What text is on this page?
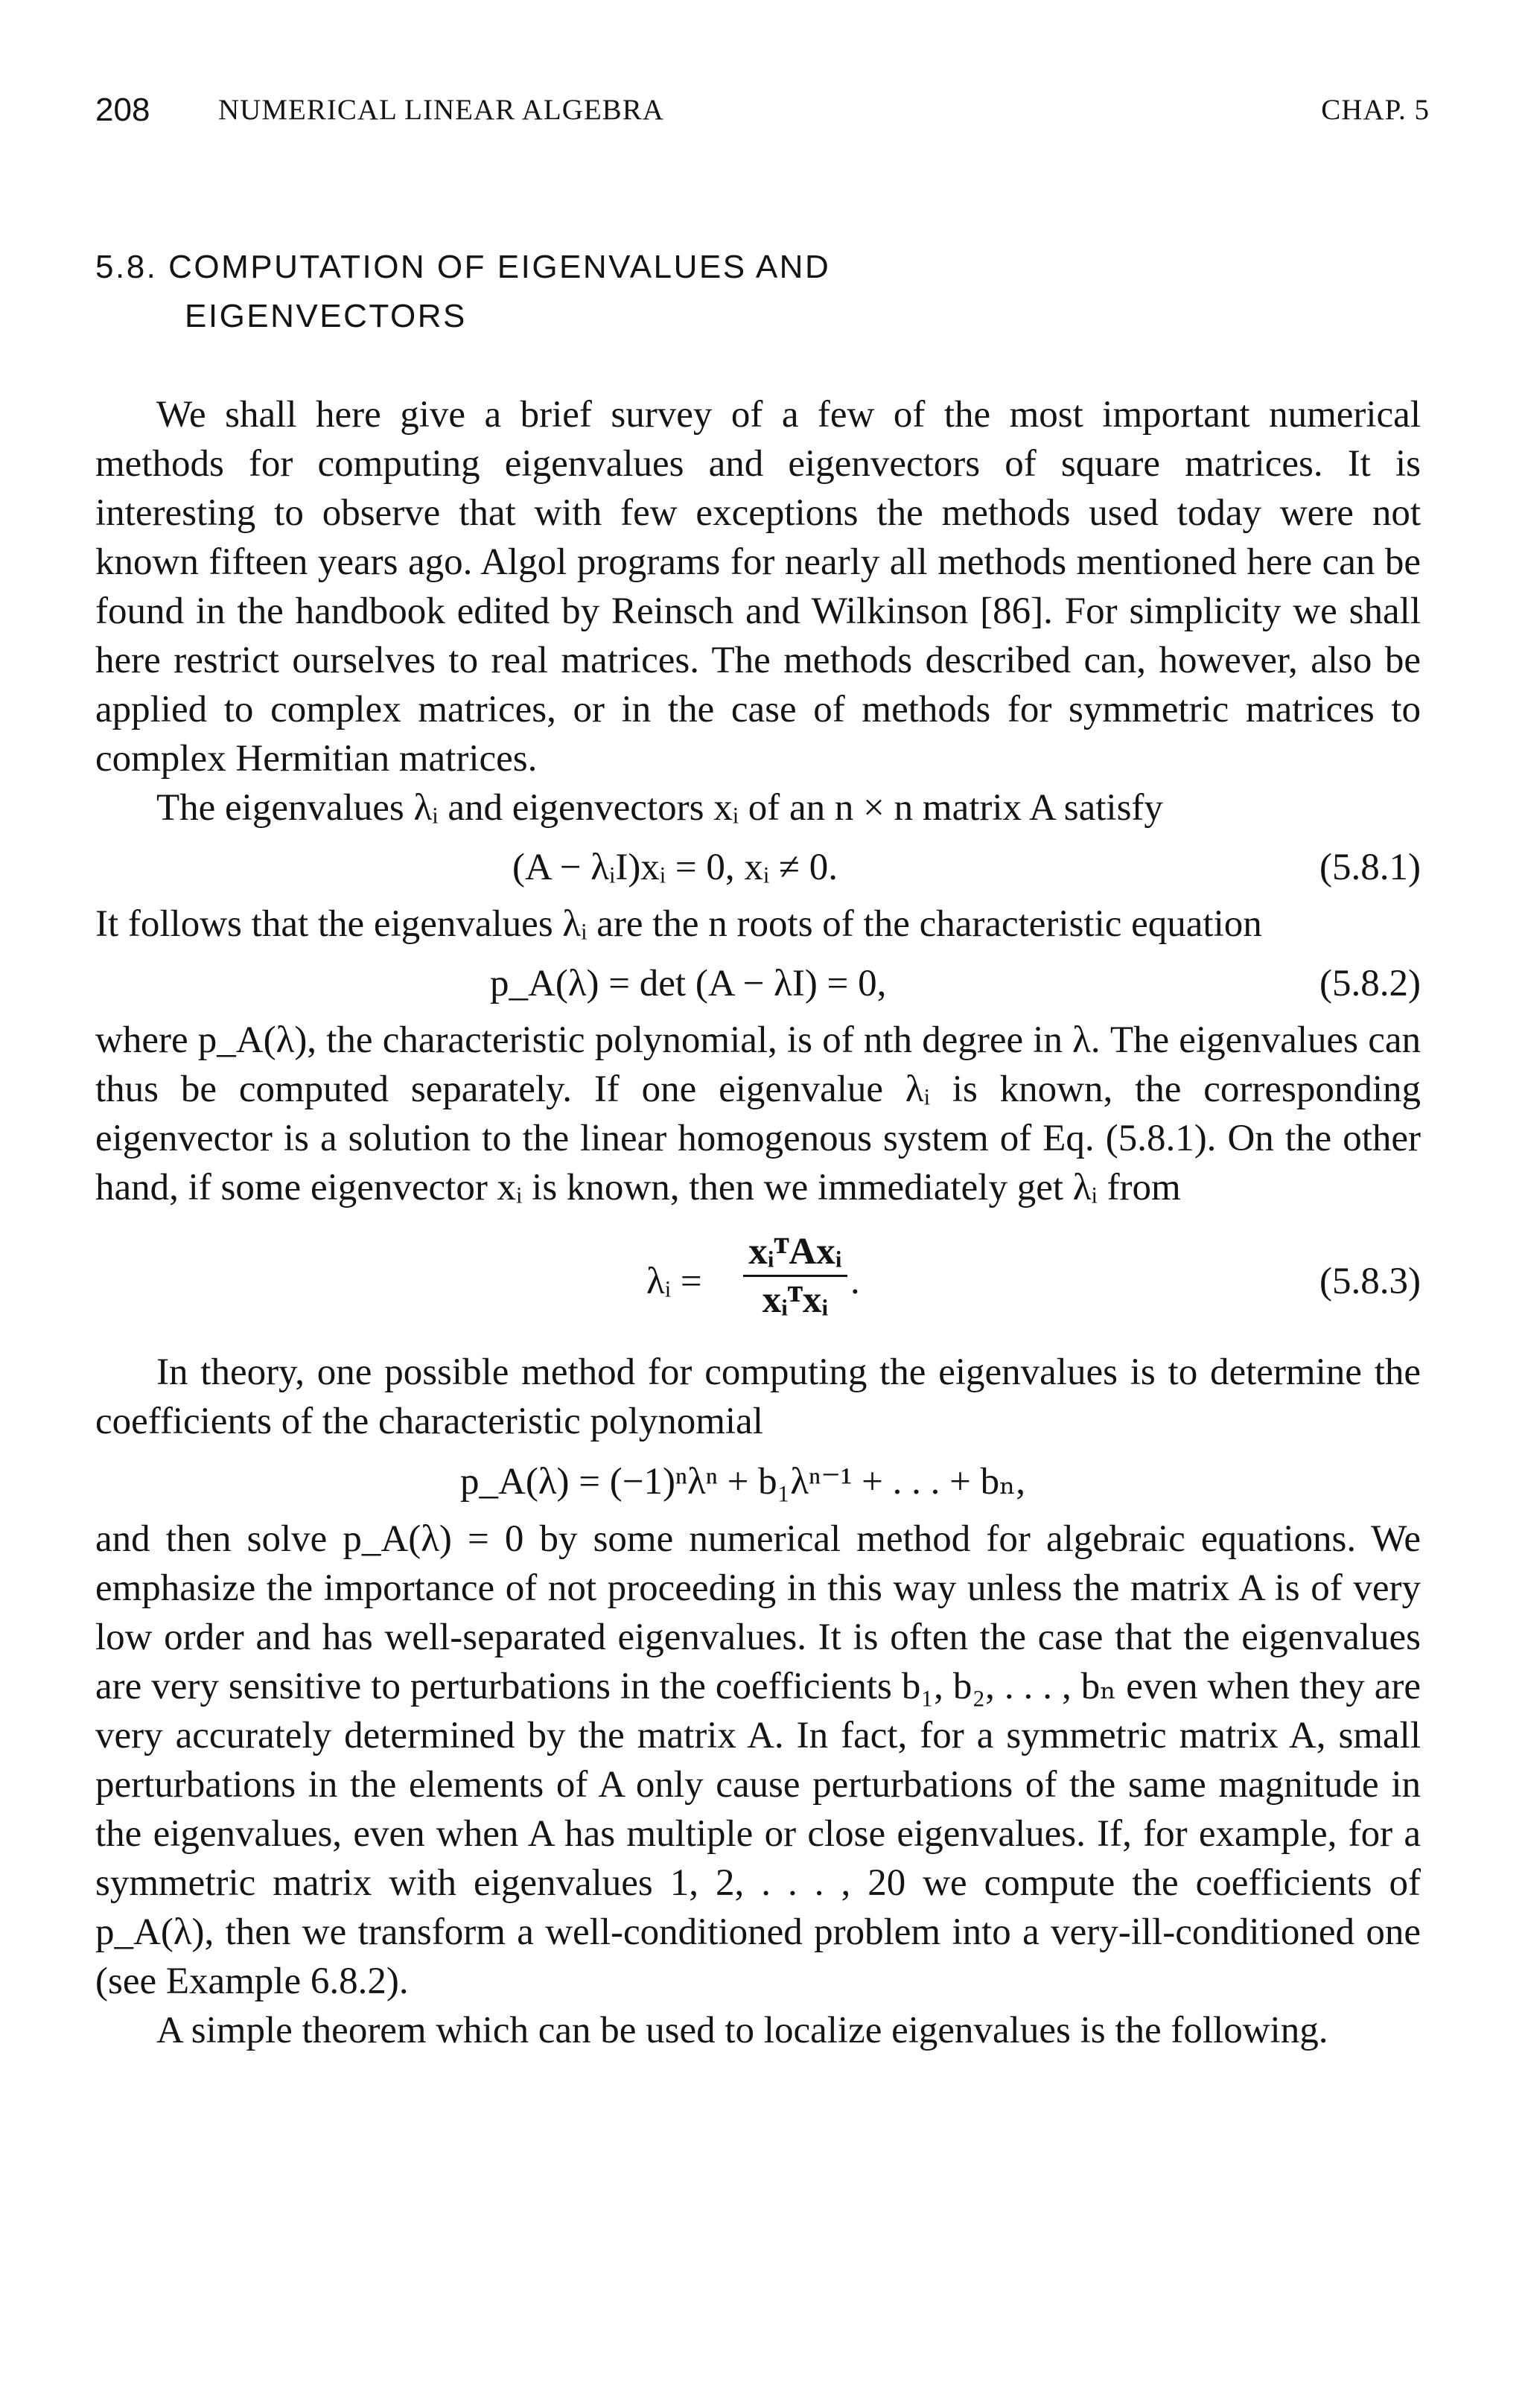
208 NUMERICAL LINEAR ALGEBRA	CHAP. 5
5.8. COMPUTATION OF EIGENVALUES AND
EIGENVECTORS

We shall here give a brief survey of a few of the most important numerical methods for computing eigenvalues and eigenvectors of square matrices. It is interesting to observe that with few exceptions the methods used today were not known fifteen years ago. Algol programs for nearly all methods mentioned here can be found in the handbook edited by Reinsch and Wilkinson [86]. For simplicity we shall here restrict ourselves to real matrices. The methods described can, however, also be applied to complex matrices, or in the case of methods for symmetric matrices to complex Hermitian matrices.

The eigenvalues λᵢ and eigenvectors xᵢ of an n × n matrix A satisfy

(A − λᵢI)xᵢ = 0, xᵢ ≠ 0.	(5.8.1)

It follows that the eigenvalues λᵢ are the n roots of the characteristic equation

p_A(λ) = det (A − λI) = 0,	(5.8.2)

where p_A(λ), the characteristic polynomial, is of nth degree in λ. The eigenvalues can thus be computed separately. If one eigenvalue λᵢ is known, the corresponding eigenvector is a solution to the linear homogenous system of Eq. (5.8.1). On the other hand, if some eigenvector xᵢ is known, then we immediately get λᵢ from

λᵢ =
xᵢᵀAxᵢ
xᵢᵀxᵢ .	(5.8.3)

In theory, one possible method for computing the eigenvalues is to determine the coefficients of the characteristic polynomial

p_A(λ) = (−1)ⁿλⁿ + b₁λⁿ⁻¹ + . . . + bₙ,

and then solve p_A(λ) = 0 by some numerical method for algebraic equations. We emphasize the importance of not proceeding in this way unless the matrix A is of very low order and has well-separated eigenvalues. It is often the case that the eigenvalues are very sensitive to perturbations in the coefficients b₁, b₂, . . . , bₙ even when they are very accurately determined by the matrix A. In fact, for a symmetric matrix A, small perturbations in the elements of A only cause perturbations of the same magnitude in the eigenvalues, even when A has multiple or close eigenvalues. If, for example, for a symmetric matrix with eigenvalues 1, 2, . . . , 20 we compute the coefficients of p_A(λ), then we transform a well-conditioned problem into a very-ill-conditioned one (see Example 6.8.2).

A simple theorem which can be used to localize eigenvalues is the following.
